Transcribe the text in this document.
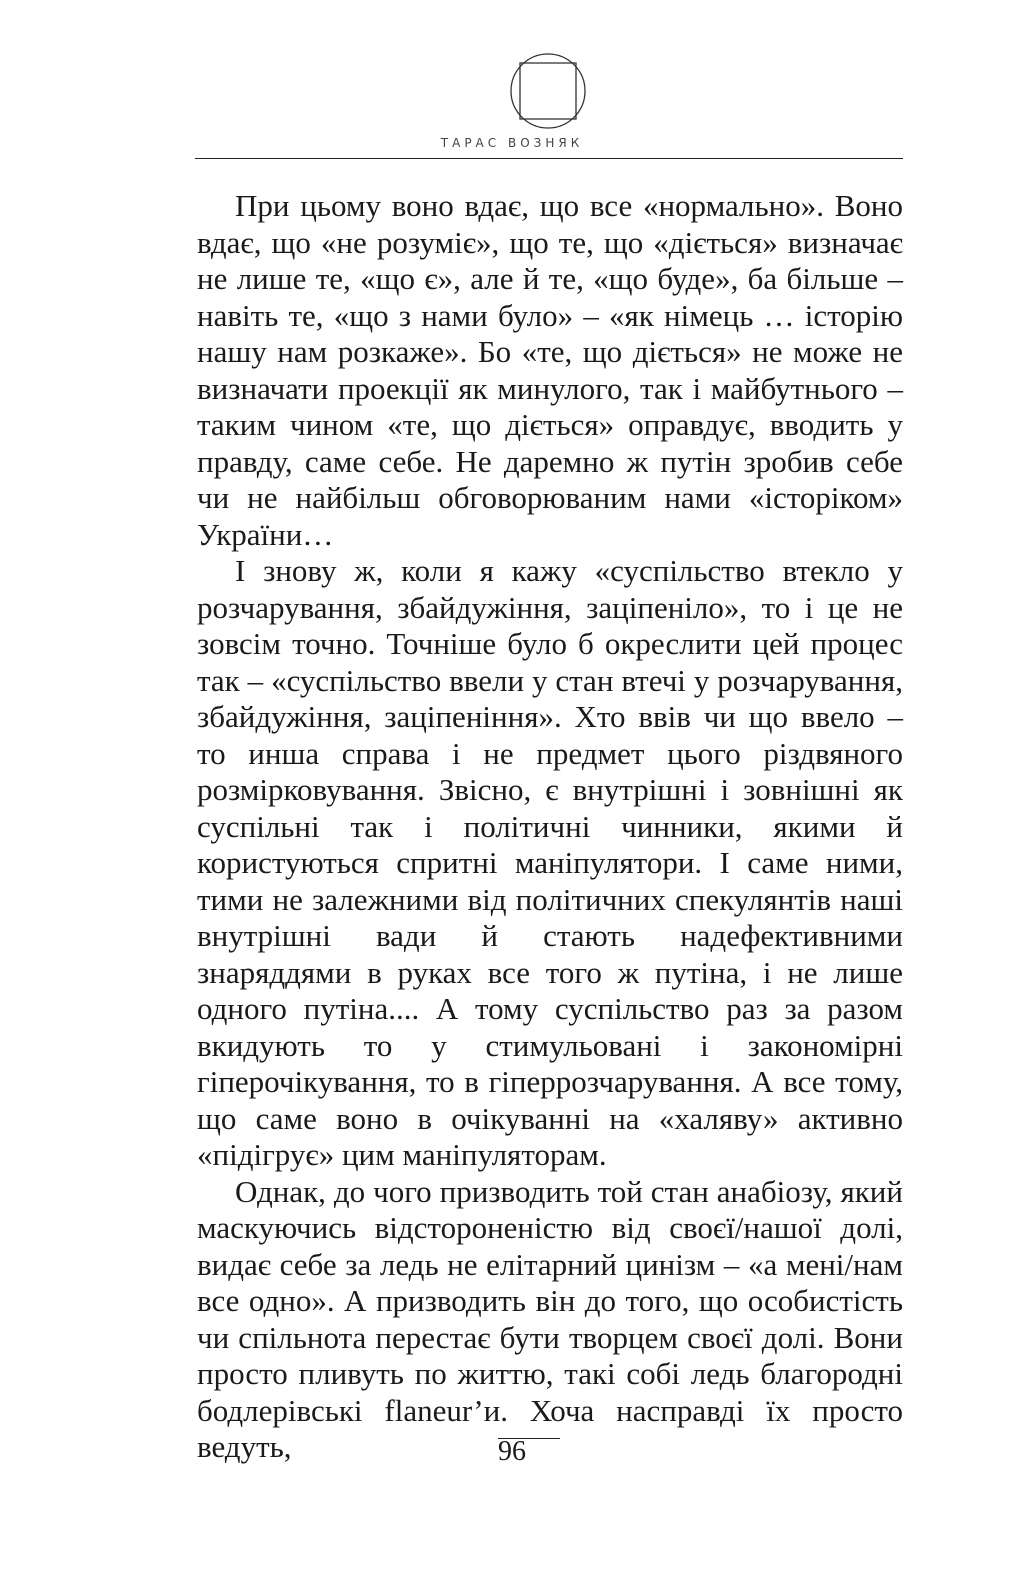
ТАРАС ВОЗНЯК

При цьому воно вдає, що все «нормально». Воно вдає, що «не розуміє», що те, що «діється» визначає не лише те, «що є», але й те, «що буде», ба більше – навіть те, «що з нами було» – «як німець … історію нашу нам розкаже». Бо «те, що діється» не може не визначати проекції як минулого, так і майбутнього – таким чином «те, що діється» оправдує, вводить у правду, саме себе. Не даремно ж путін зробив себе чи не найбільш обговорюваним нами «історіком» України…

І знову ж, коли я кажу «суспільство втекло у розчарування, збайдужіння, заціпеніло», то і це не зовсім точно. Точніше було б окреслити цей процес так – «суспільство ввели у стан втечі у розчарування, збайдужіння, заціпеніння». Хто ввів чи що ввело – то инша справа і не предмет цього різдвяного розмірковування. Звісно, є внутрішні і зовнішні як суспільні так і політичні чинники, якими й користуються спритні маніпулятори. І саме ними, тими не залежними від політичних спекулянтів наші внутрішні вади й стають надефективними знаряддями в руках все того ж путіна, і не лише одного путіна.... А тому суспільство раз за разом вкидують то у стимульовані і закономірні гіперочікування, то в гіперрозчарування. А все тому, що саме воно в очікуванні на «халяву» активно «підігрує» цим маніпуляторам.

Однак, до чого призводить той стан анабіозу, який маскуючись відстороненістю від своєї/нашої долі, видає себе за ледь не елітарний цинізм – «а мені/нам все одно». А призводить він до того, що особистість чи спільнота перестає бути творцем своєї долі. Вони просто пливуть по життю, такі собі ледь благородні бодлерівські flaneur’и. Хоча насправді їх просто ведуть,	96
